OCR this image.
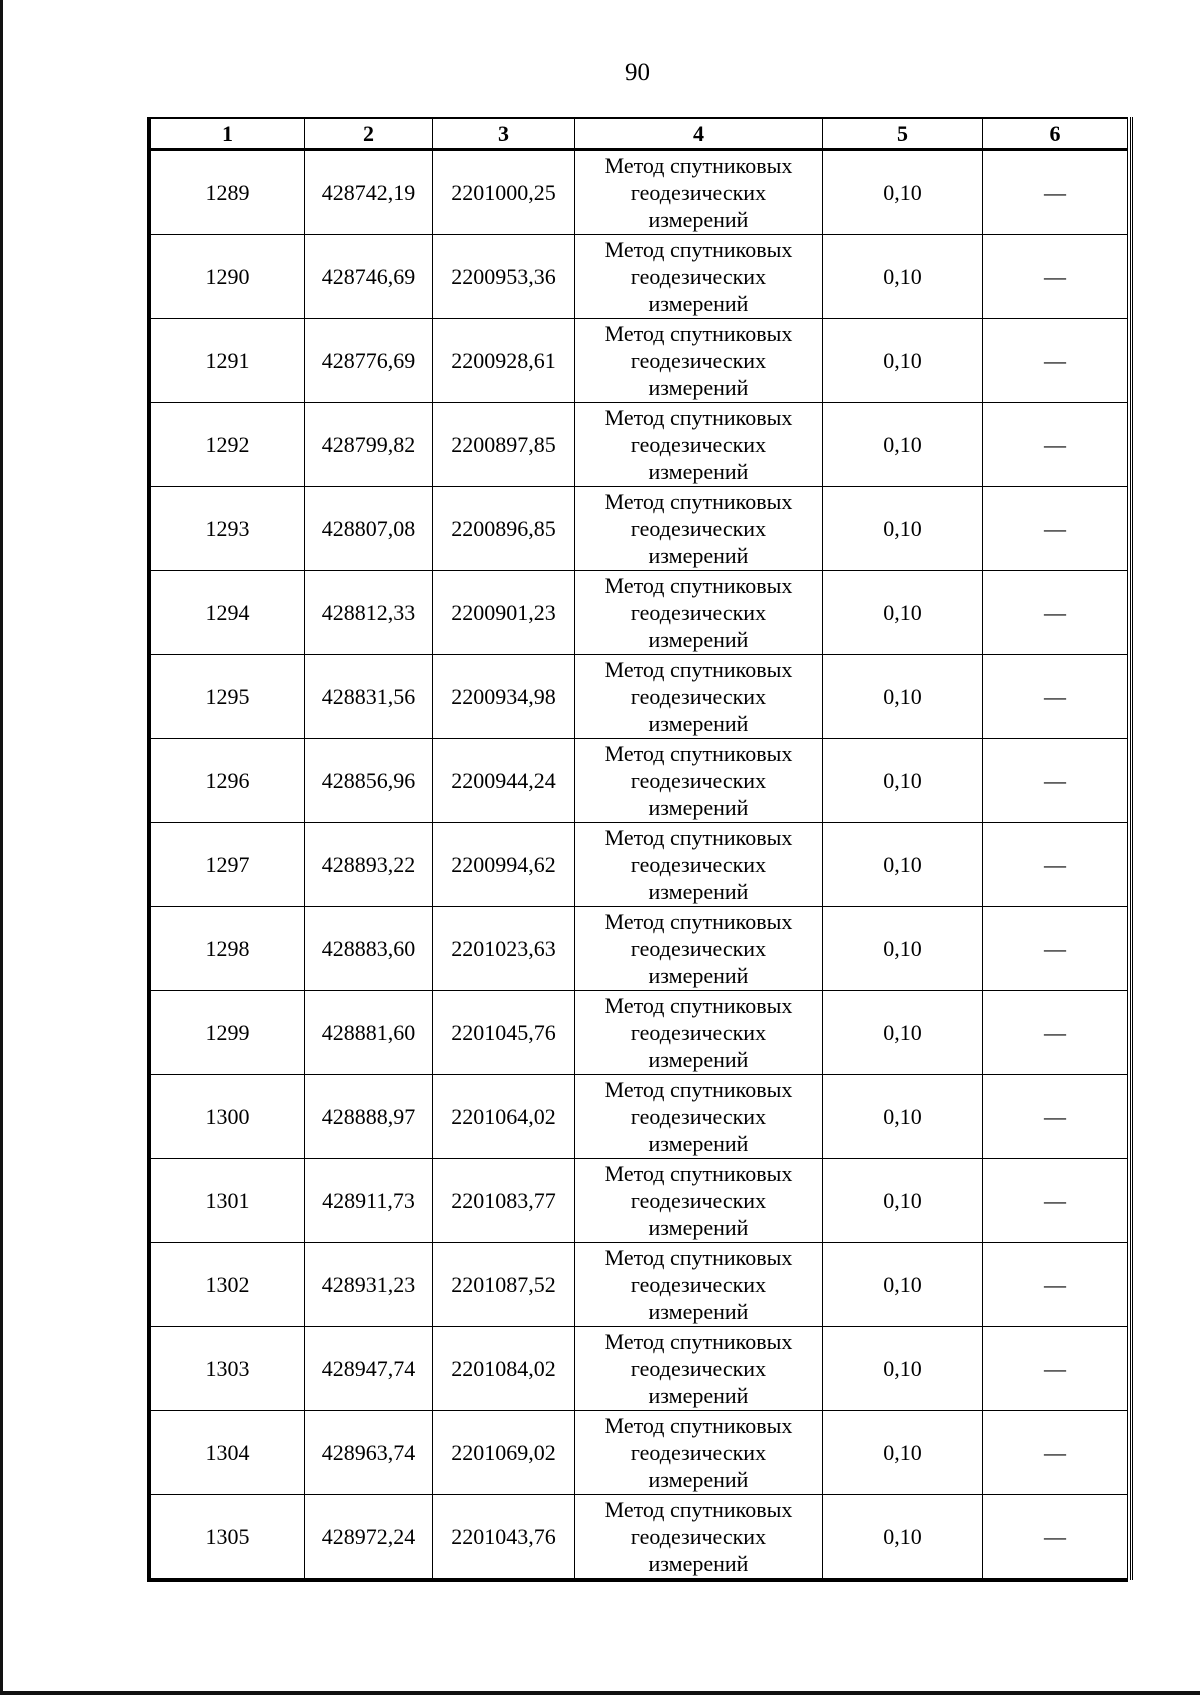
90
1	2	3	4	5	6
1289	428742,19	2201000,25	Метод спутниковых
геодезических
измерений	0,10	—
1290	428746,69	2200953,36	Метод спутниковых
геодезических
измерений	0,10	—
1291	428776,69	2200928,61	Метод спутниковых
геодезических
измерений	0,10	—
1292	428799,82	2200897,85	Метод спутниковых
геодезических
измерений	0,10	—
1293	428807,08	2200896,85	Метод спутниковых
геодезических
измерений	0,10	—
1294	428812,33	2200901,23	Метод спутниковых
геодезических
измерений	0,10	—
1295	428831,56	2200934,98	Метод спутниковых
геодезических
измерений	0,10	—
1296	428856,96	2200944,24	Метод спутниковых
геодезических
измерений	0,10	—
1297	428893,22	2200994,62	Метод спутниковых
геодезических
измерений	0,10	—
1298	428883,60	2201023,63	Метод спутниковых
геодезических
измерений	0,10	—
1299	428881,60	2201045,76	Метод спутниковых
геодезических
измерений	0,10	—
1300	428888,97	2201064,02	Метод спутниковых
геодезических
измерений	0,10	—
1301	428911,73	2201083,77	Метод спутниковых
геодезических
измерений	0,10	—
1302	428931,23	2201087,52	Метод спутниковых
геодезических
измерений	0,10	—
1303	428947,74	2201084,02	Метод спутниковых
геодезических
измерений	0,10	—
1304	428963,74	2201069,02	Метод спутниковых
геодезических
измерений	0,10	—
1305	428972,24	2201043,76	Метод спутниковых
геодезических
измерений	0,10	—
